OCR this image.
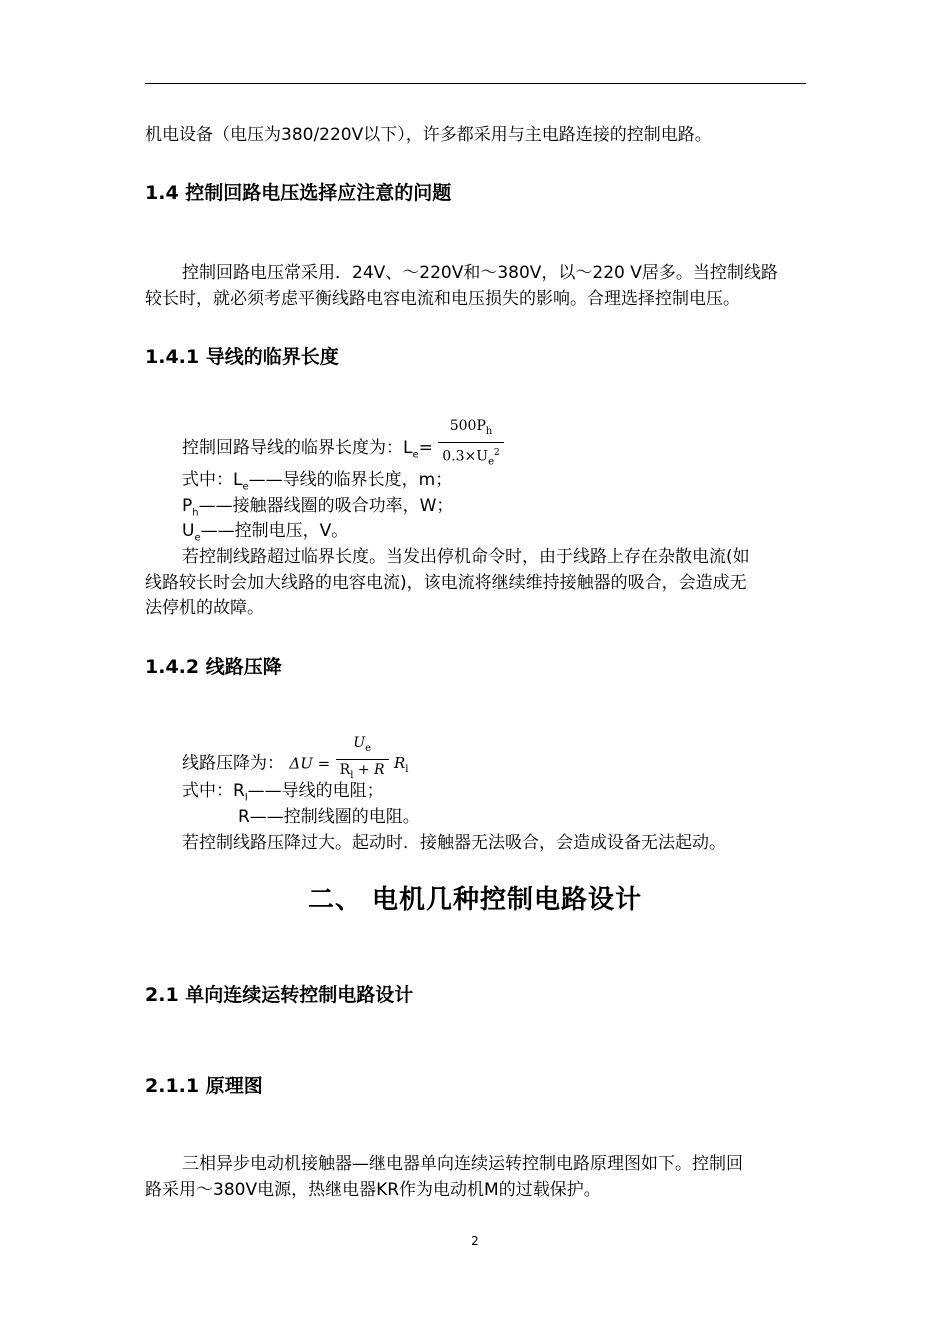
机电设备（电压为380/220V以下），许多都采用与主电路连接的控制电路。
1.4 控制回路电压选择应注意的问题
控制回路电压常采用．24V、～220V和～380V，以～220 V居多。当控制线路
较长时，就必须考虑平衡线路电容电流和电压损失的影响。合理选择控制电压。
1.4.1 导线的临界长度
控制回路导线的临界长度为：$L_e= \frac{500P_h}{0.3\times U_e^2}$
式中：$L_e——$导线的临界长度，m；
$P_h——$接触器线圈的吸合功率，W；
$U_e——$控制电压，V。
若控制线路超过临界长度。当发出停机命令时，由于线路上存在杂散电流(如
线路较长时会加大线路的电容电流)，该电流将继续维持接触器的吸合，会造成无
法停机的故障。
1.4.2 线路压降
线路压降为： $\Delta U = \frac{U_e}{R_l + R} R_l$
式中：$R_l——$导线的电阻；
R——控制线圈的电阻。
若控制线路压降过大。起动时．接触器无法吸合，会造成设备无法起动。
二、 电机几种控制电路设计
2.1 单向连续运转控制电路设计
2.1.1 原理图
三相异步电动机接触器—继电器单向连续运转控制电路原理图如下。控制回
路采用～380V电源，热继电器KR作为电动机M的过载保护。
2
